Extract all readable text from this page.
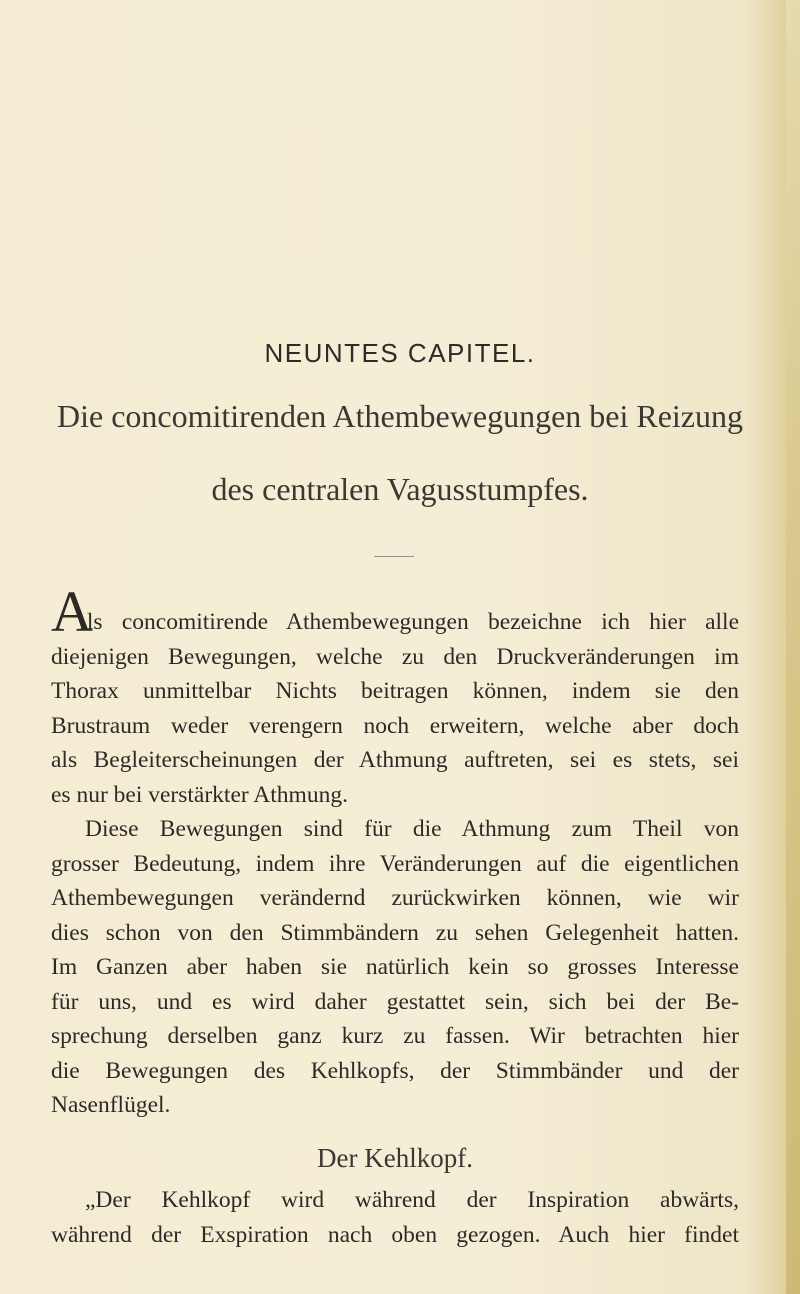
NEUNTES CAPITEL.
Die concomitirenden Athembewegungen bei Reizung
des centralen Vagusstumpfes.
Als concomitirende Athembewegungen bezeichne ich hier alle
diejenigen Bewegungen, welche zu den Druckveränderungen im
Thorax unmittelbar Nichts beitragen können, indem sie den
Brustraum weder verengern noch erweitern, welche aber doch
als Begleiterscheinungen der Athmung auftreten, sei es stets, sei
es nur bei verstärkter Athmung.
Diese Bewegungen sind für die Athmung zum Theil von
grosser Bedeutung, indem ihre Veränderungen auf die eigentlichen
Athembewegungen verändernd zurückwirken können, wie wir
dies schon von den Stimmbändern zu sehen Gelegenheit hatten.
Im Ganzen aber haben sie natürlich kein so grosses Interesse
für uns, und es wird daher gestattet sein, sich bei der Be-
sprechung derselben ganz kurz zu fassen. Wir betrachten hier
die Bewegungen des Kehlkopfs, der Stimmbänder und der
Nasenflügel.
Der Kehlkopf.
„Der Kehlkopf wird während der Inspiration abwärts,
während der Exspiration nach oben gezogen. Auch hier findet
